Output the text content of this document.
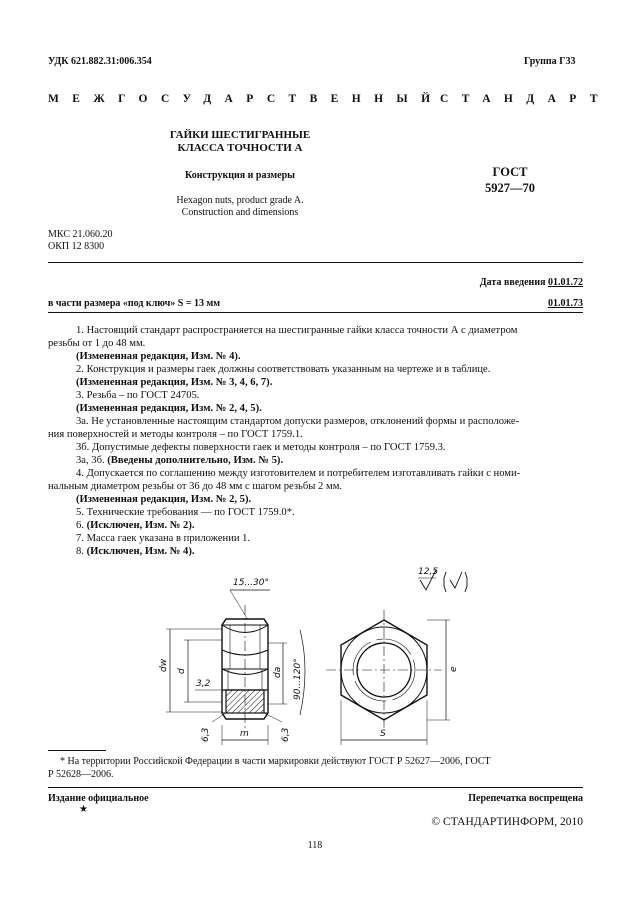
УДК 621.882.31:006.354	Группа Г33
МЕЖГОСУДАРСТВЕННЫЙ
СТАНДАРТ
ГАЙКИ ШЕСТИГРАННЫЕ
КЛАССА ТОЧНОСТИ А
Конструкция и размеры
Hexagon nuts, product grade A.
Construction and dimensions
ГОСТ
5927—70
МКС 21.060.20
ОКП 12 8300
Дата введения 01.01.72
в части размера «под ключ» S = 13 мм	01.01.73
1. Настоящий стандарт распространяется на шестигранные гайки класса точности А с диаметром
резьбы от 1 до 48 мм.
(Измененная редакция, Изм. № 4).
2. Конструкция и размеры гаек должны соответствовать указанным на чертеже и в таблице.
(Измененная редакция, Изм. № 3, 4, 6, 7).
3. Резьба – по ГОСТ 24705.
(Измененная редакция, Изм. № 2, 4, 5).
3а. Не установленные настоящим стандартом допуски размеров, отклонений формы и расположе-
ния поверхностей и методы контроля – по ГОСТ 1759.1.
3б. Допустимые дефекты поверхности гаек и методы контроля – по ГОСТ 1759.3.
3а, 3б. (Введены дополнительно, Изм. № 5).
4. Допускается по соглашению между изготовителем и потребителем изготавливать гайки с номи-
нальным диаметром резьбы от 36 до 48 мм с шагом резьбы 2 мм.
(Измененная редакция, Изм. № 2, 5).
5. Технические требования — по ГОСТ 1759.0*.
6. (Исключен, Изм. № 2).
7. Масса гаек указана в приложении 1.
8. (Исключен, Изм. № 4).
15...30°
12,5
dw d
3,2
da 90...120°
6,3	6,3
m
e
S
* На территории Российской Федерации в части маркировки действуют ГОСТ Р 52627—2006, ГОСТ
Р 52628—2006.
Издание официальное	Перепечатка воспрещена
★
© СТАНДАРТИНФОРМ, 2010
118
